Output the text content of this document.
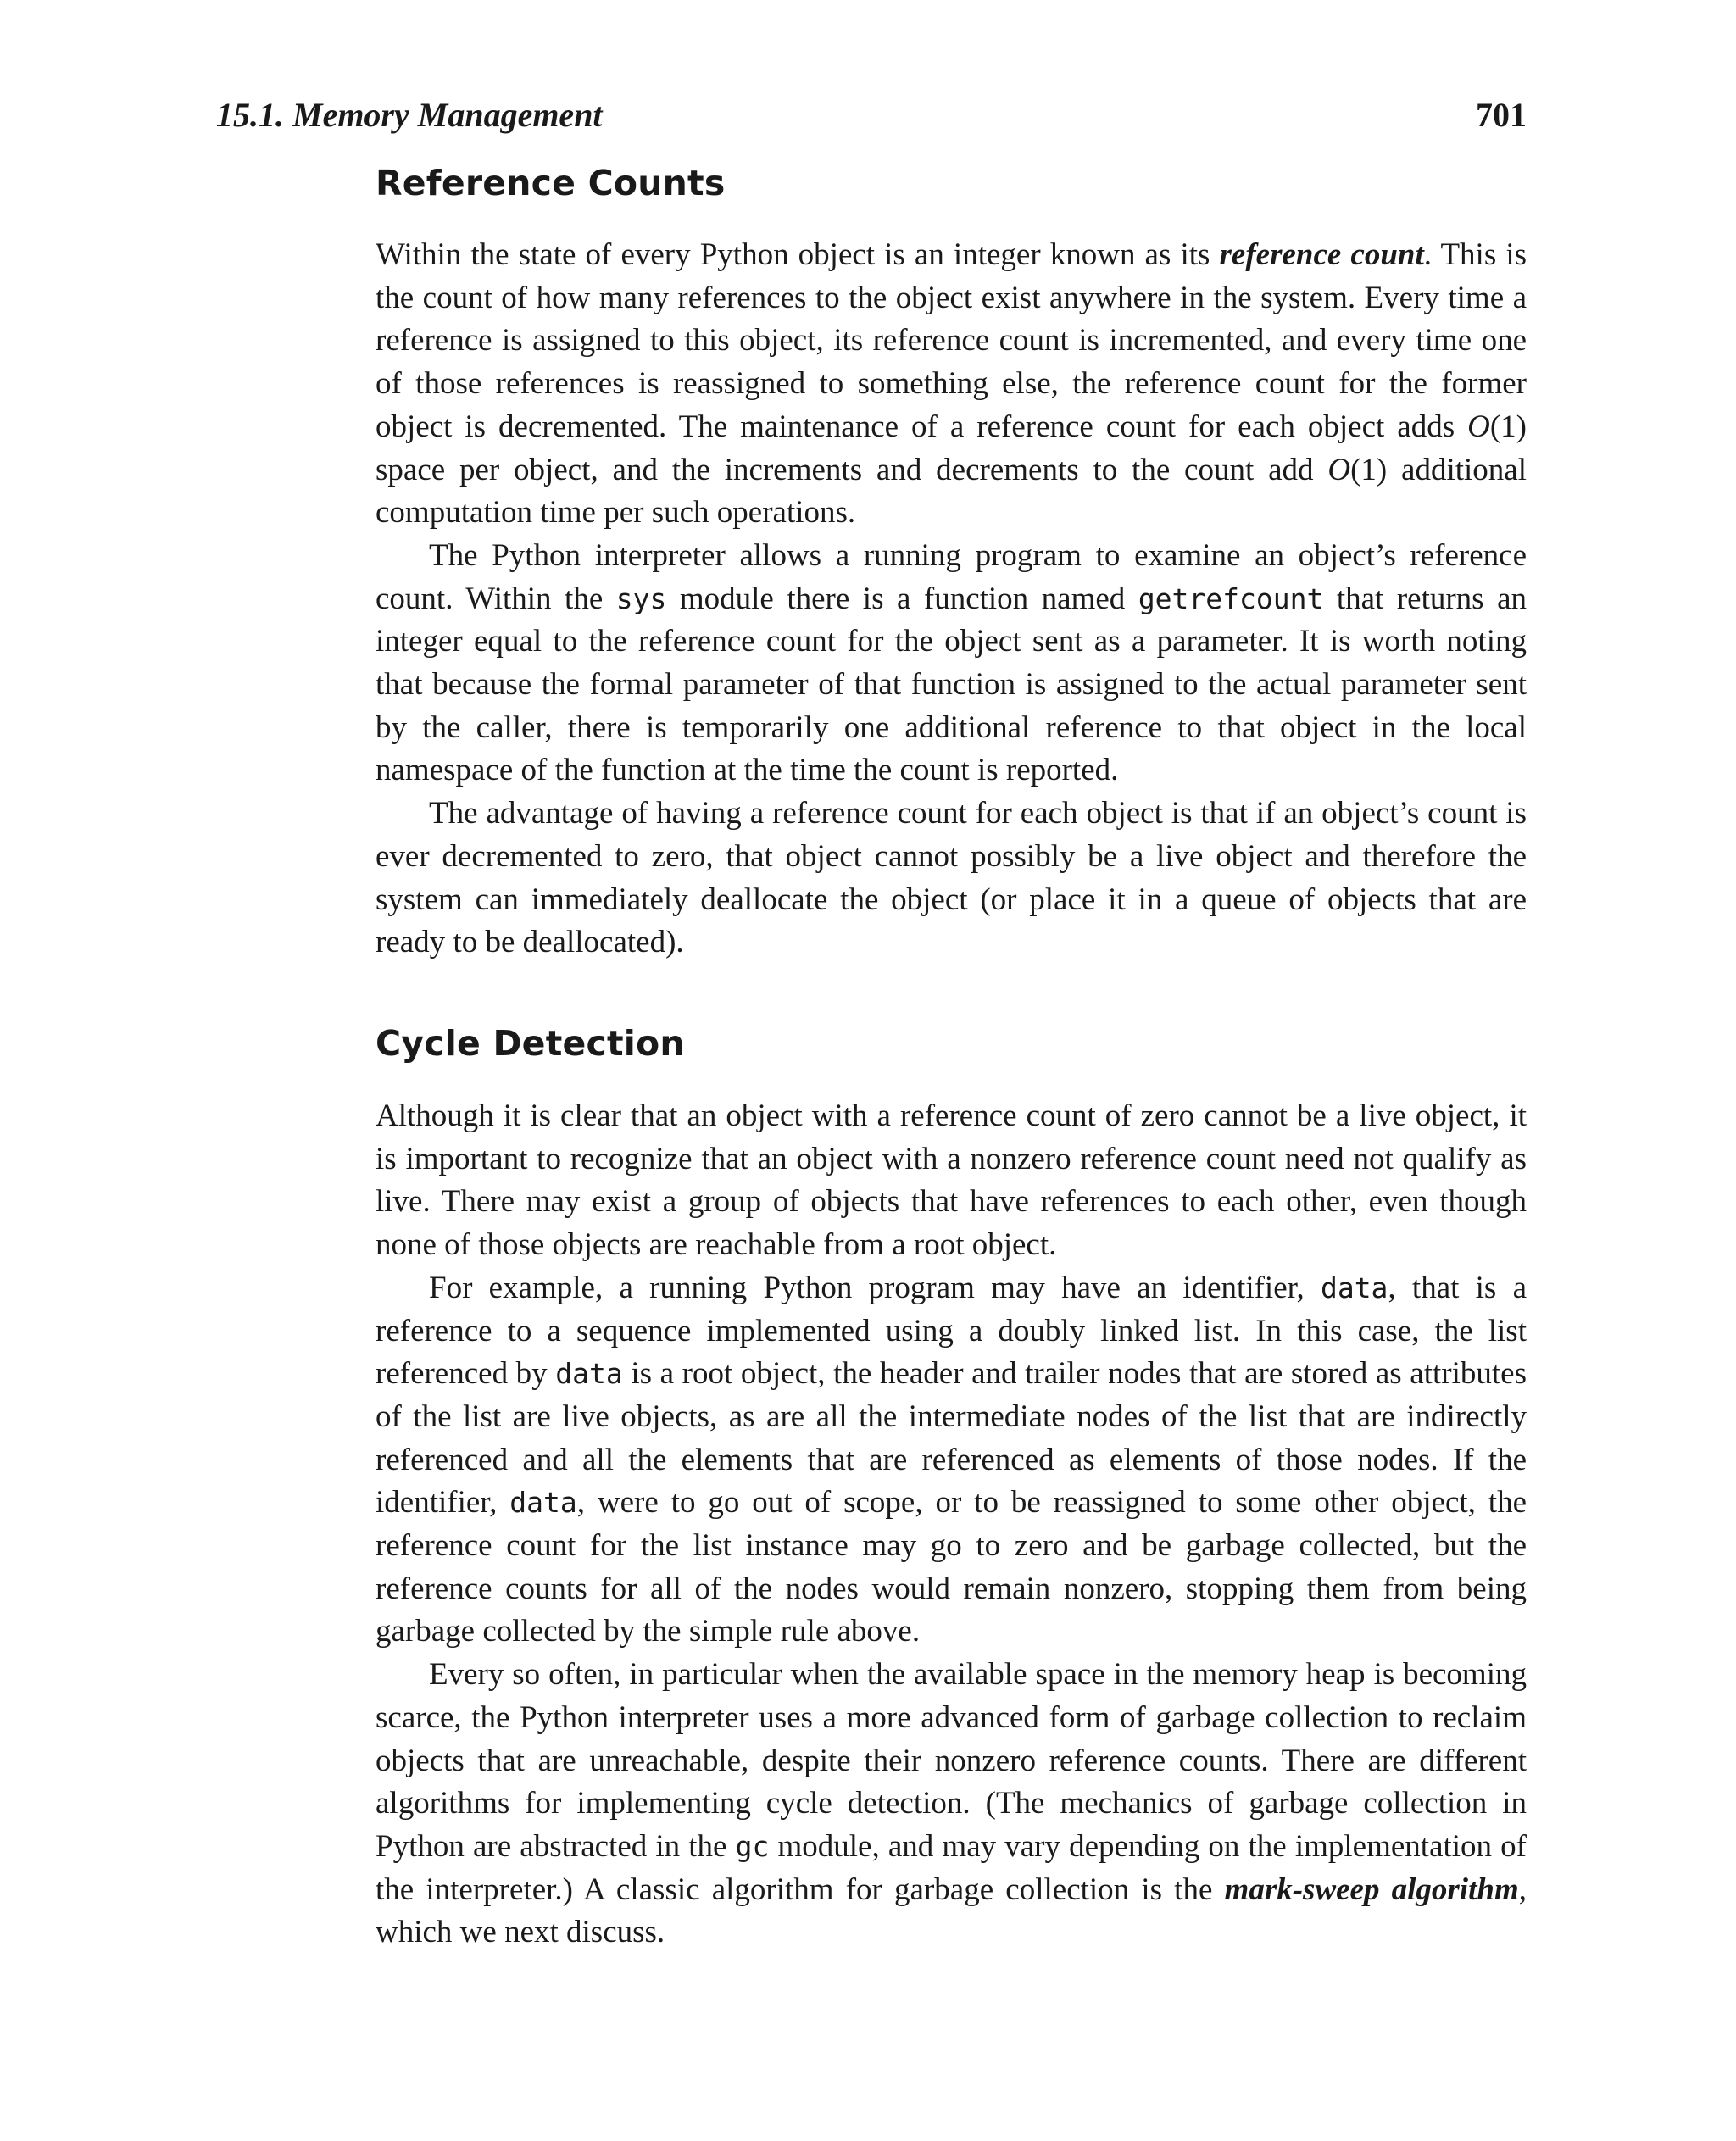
15.1. Memory Management	701
Reference Counts

Within the state of every Python object is an integer known as its reference count. This is the count of how many references to the object exist anywhere in the system. Every time a reference is assigned to this object, its reference count is incremented, and every time one of those references is reassigned to something else, the reference count for the former object is decremented. The maintenance of a reference count for each object adds O(1) space per object, and the increments and decrements to the count add O(1) additional computation time per such operations.

The Python interpreter allows a running program to examine an object’s reference count. Within the sys module there is a function named getrefcount that returns an integer equal to the reference count for the object sent as a parameter. It is worth noting that because the formal parameter of that function is assigned to the actual parameter sent by the caller, there is temporarily one additional reference to that object in the local namespace of the function at the time the count is reported.

The advantage of having a reference count for each object is that if an object’s count is ever decremented to zero, that object cannot possibly be a live object and therefore the system can immediately deallocate the object (or place it in a queue of objects that are ready to be deallocated).

Cycle Detection

Although it is clear that an object with a reference count of zero cannot be a live object, it is important to recognize that an object with a nonzero reference count need not qualify as live. There may exist a group of objects that have references to each other, even though none of those objects are reachable from a root object.

For example, a running Python program may have an identifier, data, that is a reference to a sequence implemented using a doubly linked list. In this case, the list referenced by data is a root object, the header and trailer nodes that are stored as attributes of the list are live objects, as are all the intermediate nodes of the list that are indirectly referenced and all the elements that are referenced as elements of those nodes. If the identifier, data, were to go out of scope, or to be reassigned to some other object, the reference count for the list instance may go to zero and be garbage collected, but the reference counts for all of the nodes would remain nonzero, stopping them from being garbage collected by the simple rule above.

Every so often, in particular when the available space in the memory heap is becoming scarce, the Python interpreter uses a more advanced form of garbage collection to reclaim objects that are unreachable, despite their nonzero reference counts. There are different algorithms for implementing cycle detection. (The mechanics of garbage collection in Python are abstracted in the gc module, and may vary depending on the implementation of the interpreter.) A classic algorithm for garbage collection is the mark-sweep algorithm, which we next discuss.
